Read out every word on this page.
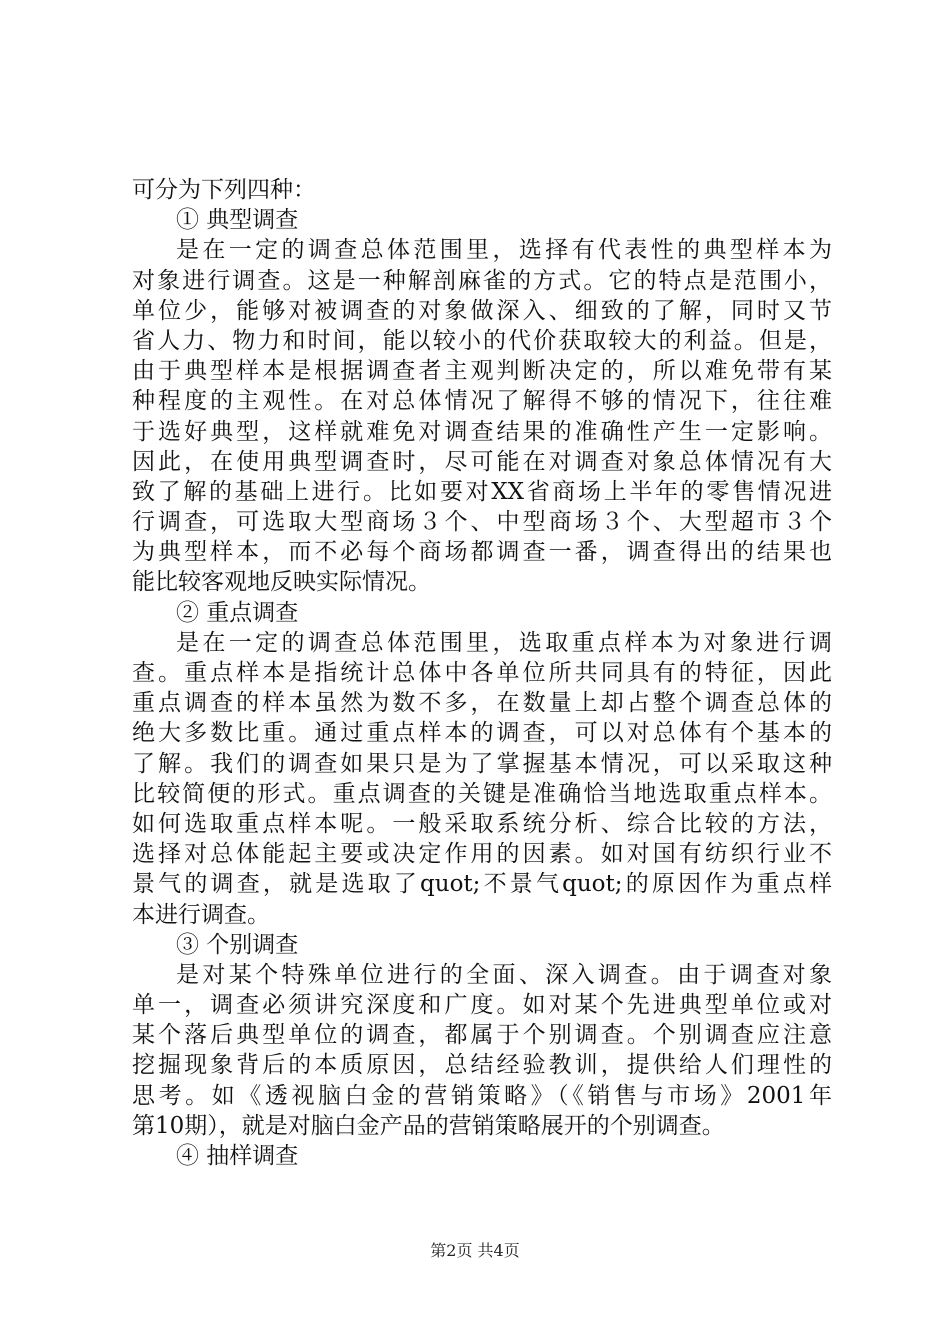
可分为下列四种：
① 典型调查
是在一定的调查总体范围里，选择有代表性的典型样本为
对象进行调查。这是一种解剖麻雀的方式。它的特点是范围小，
单位少，能够对被调查的对象做深入、细致的了解，同时又节
省人力、物力和时间，能以较小的代价获取较大的利益。但是，
由于典型样本是根据调查者主观判断决定的，所以难免带有某
种程度的主观性。在对总体情况了解得不够的情况下，往往难
于选好典型，这样就难免对调查结果的准确性产生一定影响。
因此，在使用典型调查时，尽可能在对调查对象总体情况有大
致了解的基础上进行。比如要对XX省商场上半年的零售情况进
行调查，可选取大型商场３个、中型商场３个、大型超市３个
为典型样本，而不必每个商场都调查一番，调查得出的结果也
能比较客观地反映实际情况。
② 重点调查
是在一定的调查总体范围里，选取重点样本为对象进行调
查。重点样本是指统计总体中各单位所共同具有的特征，因此
重点调查的样本虽然为数不多，在数量上却占整个调查总体的
绝大多数比重。通过重点样本的调查，可以对总体有个基本的
了解。我们的调查如果只是为了掌握基本情况，可以采取这种
比较简便的形式。重点调查的关键是准确恰当地选取重点样本。
如何选取重点样本呢。一般采取系统分析、综合比较的方法，
选择对总体能起主要或决定作用的因素。如对国有纺织行业不
景气的调查，就是选取了quot;不景气quot;的原因作为重点样
本进行调查。
③ 个别调查
是对某个特殊单位进行的全面、深入调查。由于调查对象
单一，调查必须讲究深度和广度。如对某个先进典型单位或对
某个落后典型单位的调查，都属于个别调查。个别调查应注意
挖掘现象背后的本质原因，总结经验教训，提供给人们理性的
思考。如《透视脑白金的营销策略》（《销售与市场》2001年
第10期），就是对脑白金产品的营销策略展开的个别调查。
④ 抽样调查
第2页 共4页
